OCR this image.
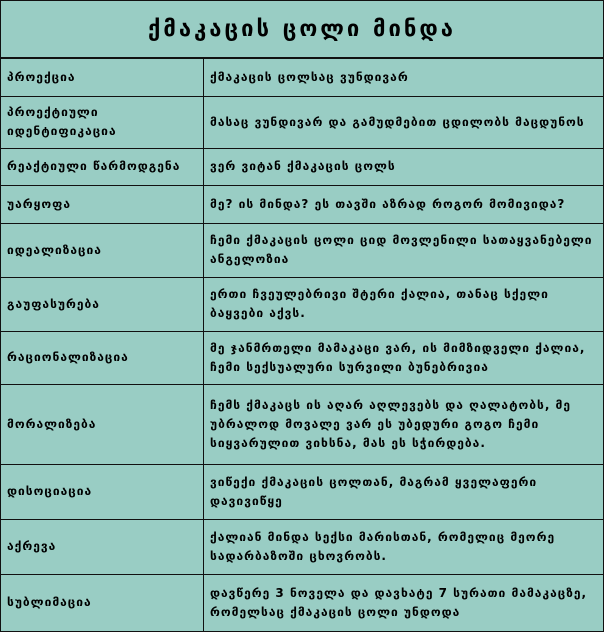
ქმაკაცის ცოლი მინდა
პროექცია	ქმაკაცის ცოლსაც ვუნდივარ
პროექტიული იდენტიფიკაცია	მასაც ვუნდივარ და გამუდმებით ცდილობს მაცდუნოს
რეაქტიული წარმოდგენა	ვერ ვიტან ქმაკაცის ცოლს
უარყოფა	მე? ის მინდა? ეს თავში აზრად როგორ მომივიდა?
იდეალიზაცია	ჩემი ქმაკაცის ცოლი ციდ მოვლენილი სათაყვანებელი ანგელოზია
გაუფასურება	ერთი ჩვეულებრივი შტერი ქალია, თანაც სქელი ბაყვები აქვს.
რაციონალიზაცია	მე ჯანმრთელი მამაკაცი ვარ, ის მიმზიდველი ქალია, ჩემი სექსუალური სურვილი ბუნებრივია
მორალიზება	ჩემს ქმაკაცს ის აღარ აღლევებს და ღალატობს, მე უბრალოდ მოვალე ვარ ეს უბედური გოგო ჩემი სიყვარულით ვიხსნა, მას ეს სჭირდება.
დისოციაცია	ვიწექი ქმაკაცის ცოლთან, მაგრამ ყველაფერი დავივიწყე
აქრევა	ქალიან მინდა სექსი მარისთან, რომელიც მეორე სადარბაზოში ცხოვრობს.
სუბლიმაცია	დავწერე 3 ნოველა და დავხატე 7 სურათი მამაკაცზე, რომელსაც ქმაკაცის ცოლი უნდოდა
